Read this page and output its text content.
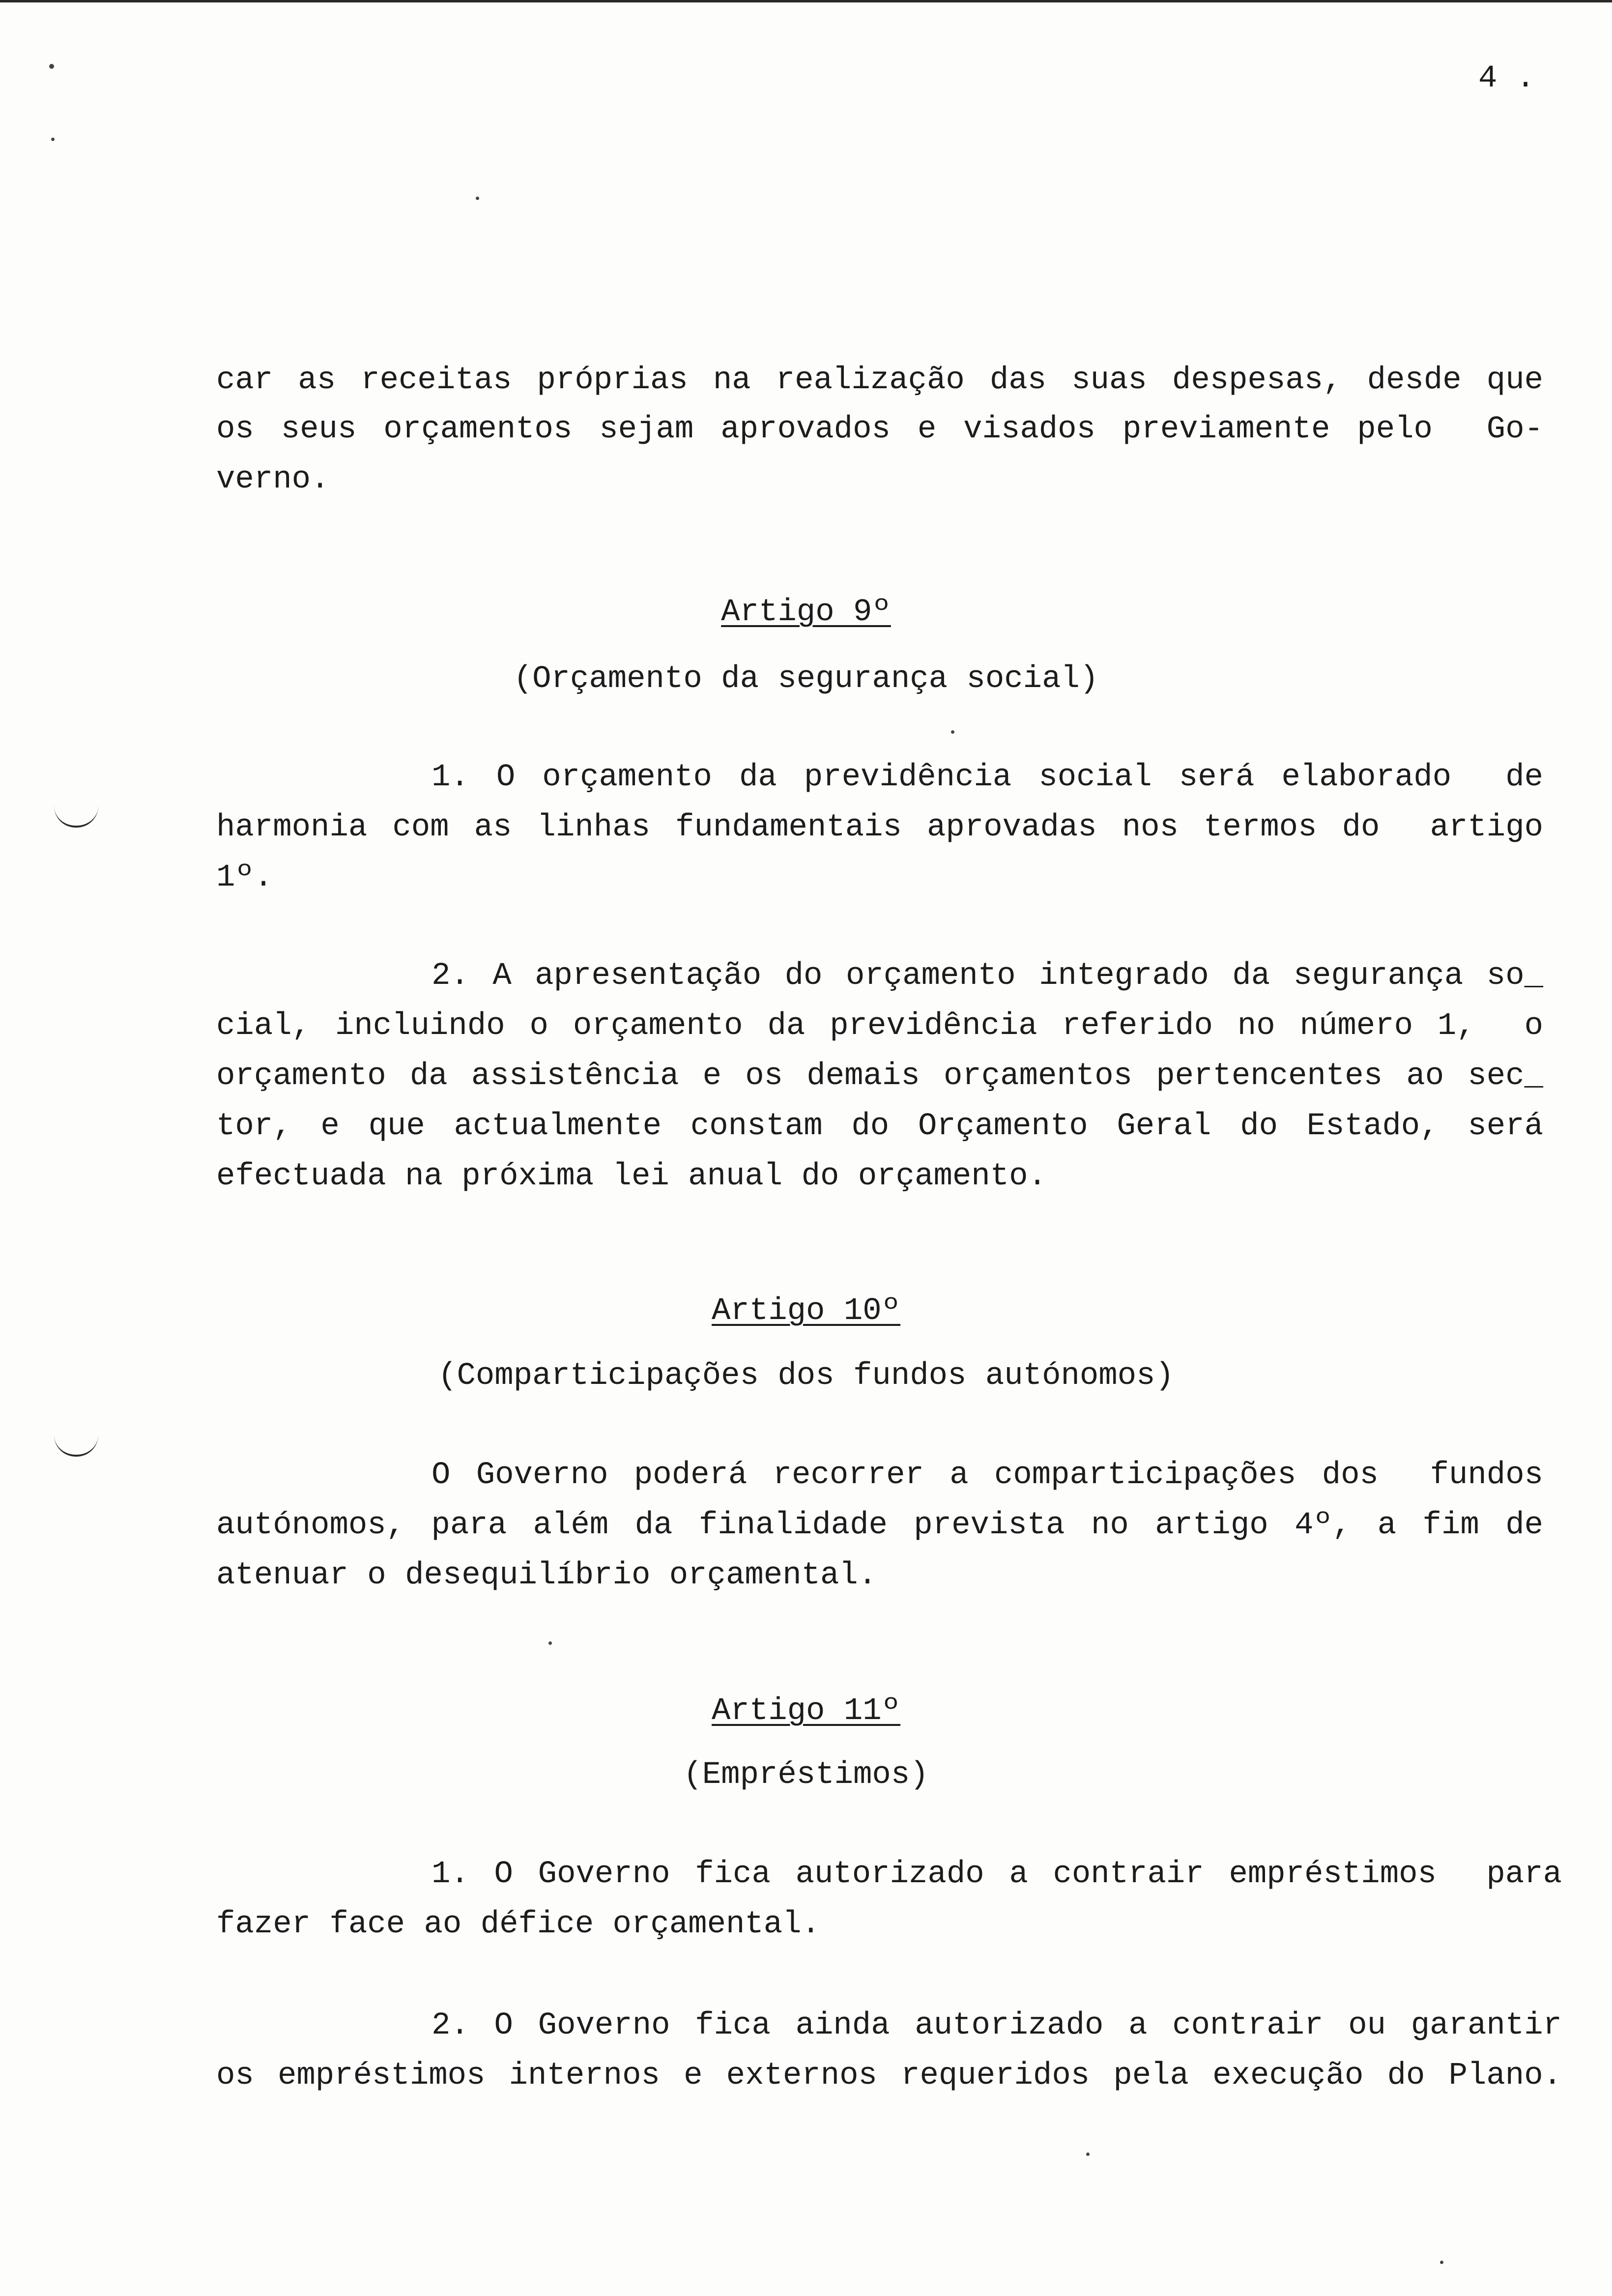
4 .
car as receitas próprias na realização das suas despesas, desde que
os seus orçamentos sejam aprovados e visados previamente pelo  Go-
verno.
Artigo 9º
(Orçamento da segurança social)
1. O orçamento da previdência social será elaborado  de
harmonia com as linhas fundamentais aprovadas nos termos do  artigo
1º.
2. A apresentação do orçamento integrado da segurança so_
cial, incluindo o orçamento da previdência referido no número 1,  o
orçamento da assistência e os demais orçamentos pertencentes ao sec_
tor, e que actualmente constam do Orçamento Geral do Estado, será
efectuada na próxima lei anual do orçamento.
Artigo 10º
(Comparticipações dos fundos autónomos)
O Governo poderá recorrer a comparticipações dos  fundos
autónomos, para além da finalidade prevista no artigo 4º, a fim de
atenuar o desequilíbrio orçamental.
Artigo 11º
(Empréstimos)
1. O Governo fica autorizado a contrair empréstimos  para
fazer face ao défice orçamental.
2. O Governo fica ainda autorizado a contrair ou garantir
os empréstimos internos e externos requeridos pela execução do Plano.
